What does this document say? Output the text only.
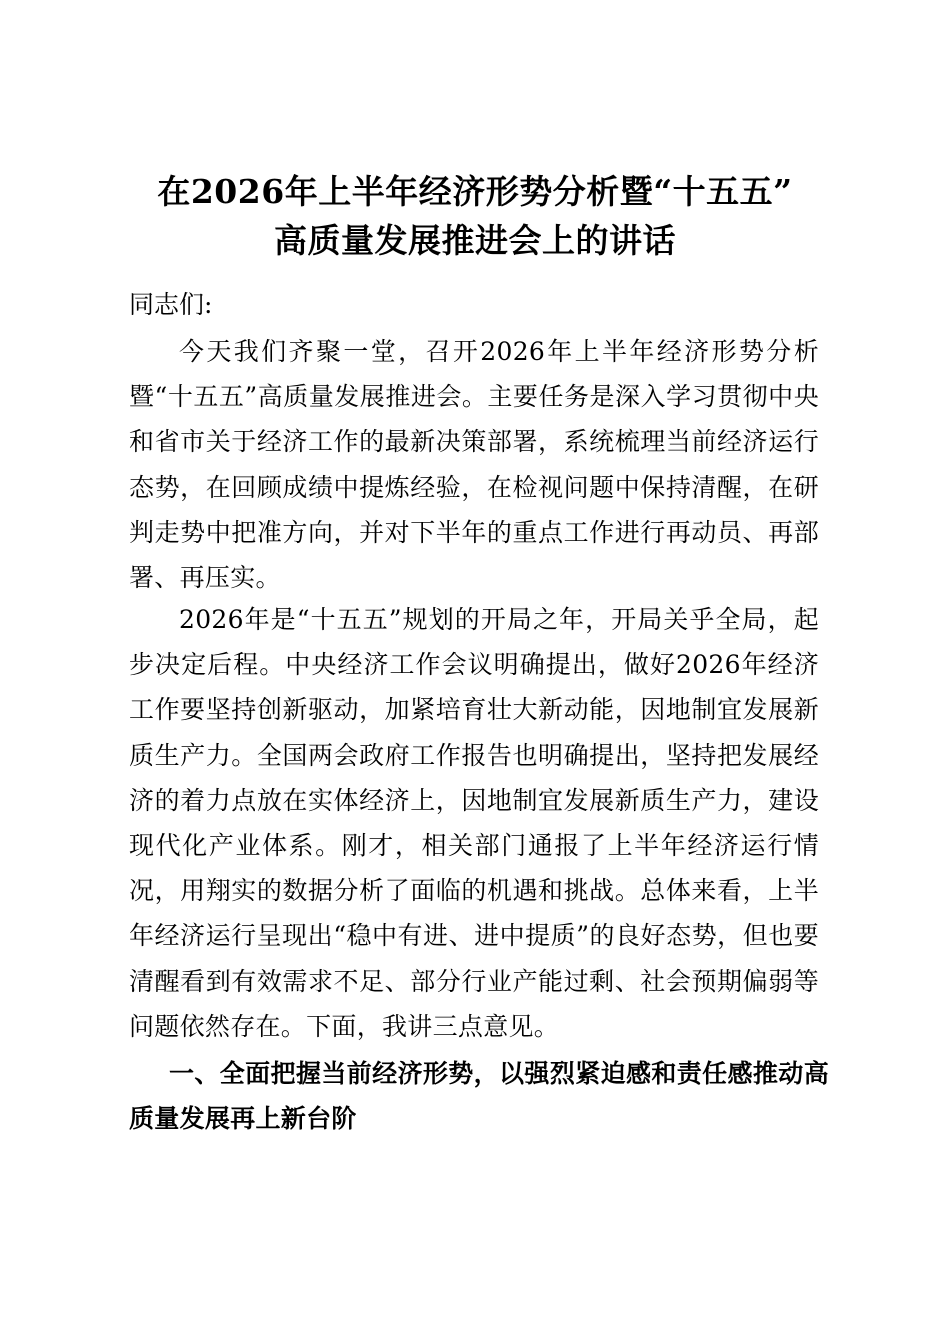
在2026年上半年经济形势分析暨“十五五”
高质量发展推进会上的讲话
同志们:

今天我们齐聚一堂，召开2026年上半年经济形势分析暨“十五五”高质量发展推进会。主要任务是深入学习贯彻中央和省市关于经济工作的最新决策部署，系统梳理当前经济运行态势，在回顾成绩中提炼经验，在检视问题中保持清醒，在研判走势中把准方向，并对下半年的重点工作进行再动员、再部署、再压实。

2026年是“十五五”规划的开局之年，开局关乎全局，起步决定后程。中央经济工作会议明确提出，做好2026年经济工作要坚持创新驱动，加紧培育壮大新动能，因地制宜发展新质生产力。全国两会政府工作报告也明确提出，坚持把发展经济的着力点放在实体经济上，因地制宜发展新质生产力，建设现代化产业体系。刚才，相关部门通报了上半年经济运行情况，用翔实的数据分析了面临的机遇和挑战。总体来看，上半年经济运行呈现出“稳中有进、进中提质”的良好态势，但也要清醒看到有效需求不足、部分行业产能过剩、社会预期偏弱等问题依然存在。下面，我讲三点意见。

一、全面把握当前经济形势，以强烈紧迫感和责任感推动高质量发展再上新台阶
